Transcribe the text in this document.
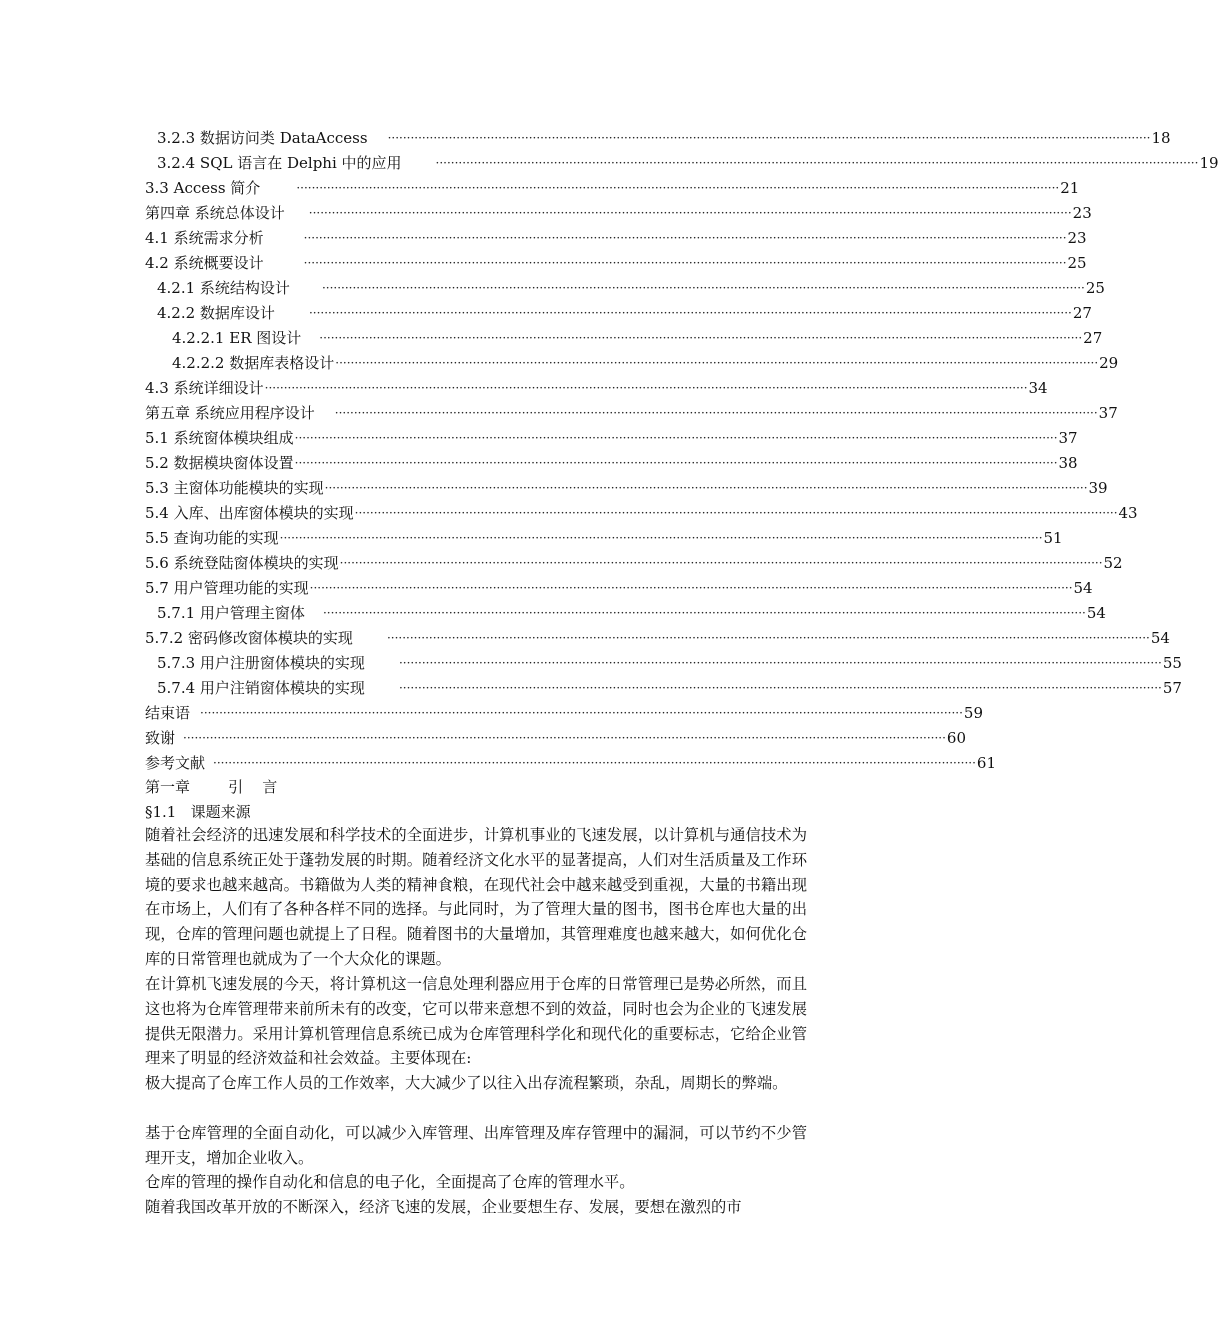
3.2.3 数据访问类 DataAccess ········································································································································································································ 18
3.2.4 SQL 语言在 Delphi 中的应用	········································································································································································································ 19
3.3 Access 简介	········································································································································································································ 21
第四章 系统总体设计 ········································································································································································································ 23
4.1 系统需求分析	········································································································································································································ 23
4.2 系统概要设计	········································································································································································································ 25
4.2.1 系统结构设计	········································································································································································································ 25
4.2.2 数据库设计	········································································································································································································ 27
4.2.2.1 ER 图设计 ········································································································································································································ 27
4.2.2.2 数据库表格设计 ········································································································································································································ 29
4.3 系统详细设计 ········································································································································································································ 34
第五章 系统应用程序设计 ········································································································································································································ 37
5.1 系统窗体模块组成 ········································································································································································································ 37
5.2 数据模块窗体设置 ········································································································································································································ 38
5.3 主窗体功能模块的实现 ········································································································································································································ 39
5.4 入库、出库窗体模块的实现 ········································································································································································································ 43
5.5 查询功能的实现 ········································································································································································································ 51
5.6 系统登陆窗体模块的实现 ········································································································································································································ 52
5.7 用户管理功能的实现 ········································································································································································································ 54
5.7.1 用户管理主窗体 ········································································································································································································ 54
5.7.2 密码修改窗体模块的实现	········································································································································································································ 54
5.7.3 用户注册窗体模块的实现	········································································································································································································ 55
5.7.4 用户注销窗体模块的实现	········································································································································································································ 57
结束语 ········································································································································································································ 59
致谢 ········································································································································································································ 60
参考文献 ········································································································································································································ 61
第一章        引    言
§1.1   课题来源
随着社会经济的迅速发展和科学技术的全面进步，计算机事业的飞速发展，以计算机与通信技术为基础的信息系统正处于蓬勃发展的时期。随着经济文化水平的显著提高，人们对生活质量及工作环境的要求也越来越高。书籍做为人类的精神食粮，在现代社会中越来越受到重视，大量的书籍出现在市场上，人们有了各种各样不同的选择。与此同时，为了管理大量的图书，图书仓库也大量的出现，仓库的管理问题也就提上了日程。随着图书的大量增加，其管理难度也越来越大，如何优化仓库的日常管理也就成为了一个大众化的课题。
在计算机飞速发展的今天，将计算机这一信息处理利器应用于仓库的日常管理已是势必所然，而且这也将为仓库管理带来前所未有的改变，它可以带来意想不到的效益，同时也会为企业的飞速发展提供无限潜力。采用计算机管理信息系统已成为仓库管理科学化和现代化的重要标志，它给企业管理来了明显的经济效益和社会效益。主要体现在:
极大提高了仓库工作人员的工作效率，大大减少了以往入出存流程繁琐，杂乱，周期长的弊端。
基于仓库管理的全面自动化，可以减少入库管理、出库管理及库存管理中的漏洞，可以节约不少管理开支，增加企业收入。
仓库的管理的操作自动化和信息的电子化，全面提高了仓库的管理水平。
随着我国改革开放的不断深入，经济飞速的发展，企业要想生存、发展，要想在激烈的市
